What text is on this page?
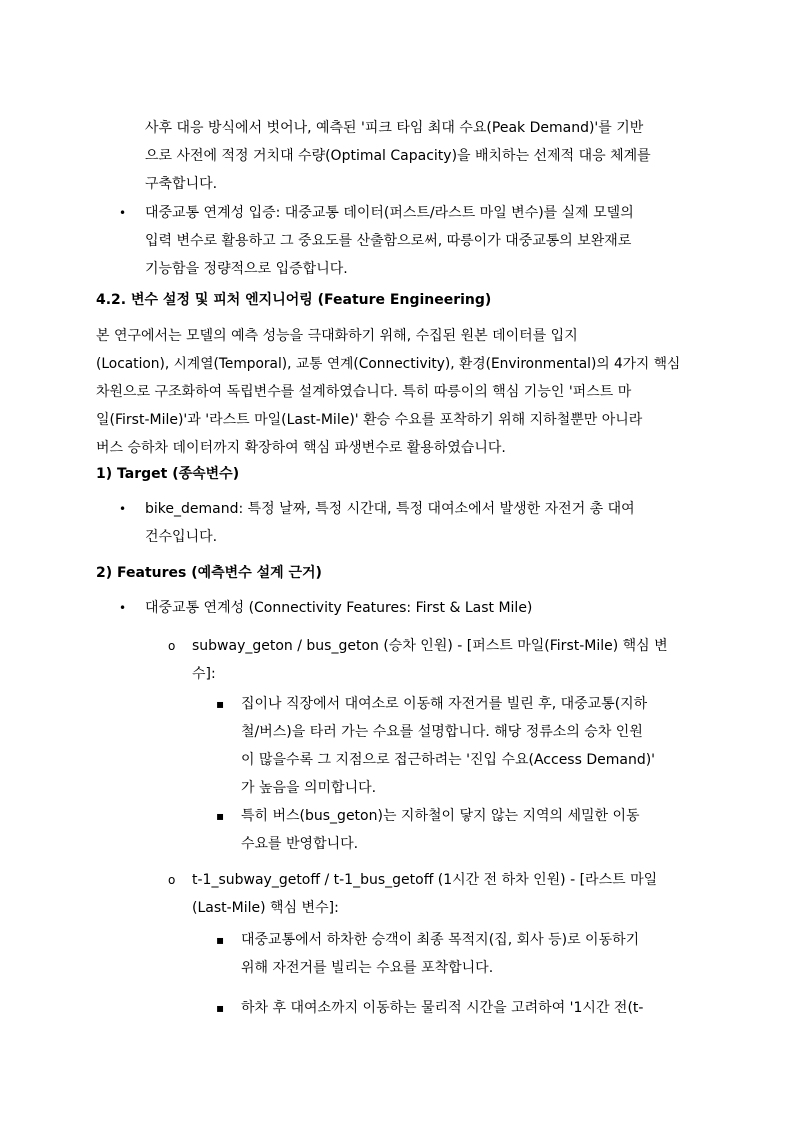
사후 대응 방식에서 벗어나, 예측된 '피크 타임 최대 수요(Peak Demand)'를 기반
으로 사전에 적정 거치대 수량(Optimal Capacity)을 배치하는 선제적 대응 체계를
구축합니다.
•
대중교통 연계성 입증: 대중교통 데이터(퍼스트/라스트 마일 변수)를 실제 모델의
입력 변수로 활용하고 그 중요도를 산출함으로써, 따릉이가 대중교통의 보완재로
기능함을 정량적으로 입증합니다.
4.2. 변수 설정 및 피처 엔지니어링 (Feature Engineering)
본 연구에서는 모델의 예측 성능을 극대화하기 위해, 수집된 원본 데이터를 입지
(Location), 시계열(Temporal), 교통 연계(Connectivity), 환경(Environmental)의 4가지 핵심
차원으로 구조화하여 독립변수를 설계하였습니다. 특히 따릉이의 핵심 기능인 '퍼스트 마
일(First-Mile)'과 '라스트 마일(Last-Mile)' 환승 수요를 포착하기 위해 지하철뿐만 아니라
버스 승하차 데이터까지 확장하여 핵심 파생변수로 활용하였습니다.
1) Target (종속변수)
•
bike_demand: 특정 날짜, 특정 시간대, 특정 대여소에서 발생한 자전거 총 대여
건수입니다.
2) Features (예측변수 설계 근거)
•
대중교통 연계성 (Connectivity Features: First & Last Mile)
o
subway_geton / bus_geton (승차 인원) - [퍼스트 마일(First-Mile) 핵심 변
수]:
▪
집이나 직장에서 대여소로 이동해 자전거를 빌린 후, 대중교통(지하
철/버스)을 타러 가는 수요를 설명합니다. 해당 정류소의 승차 인원
이 많을수록 그 지점으로 접근하려는 '진입 수요(Access Demand)'
가 높음을 의미합니다.
▪
특히 버스(bus_geton)는 지하철이 닿지 않는 지역의 세밀한 이동
수요를 반영합니다.
o
t-1_subway_getoff / t-1_bus_getoff (1시간 전 하차 인원) - [라스트 마일
(Last-Mile) 핵심 변수]:
▪
대중교통에서 하차한 승객이 최종 목적지(집, 회사 등)로 이동하기
위해 자전거를 빌리는 수요를 포착합니다.
▪
하차 후 대여소까지 이동하는 물리적 시간을 고려하여 '1시간 전(t-
